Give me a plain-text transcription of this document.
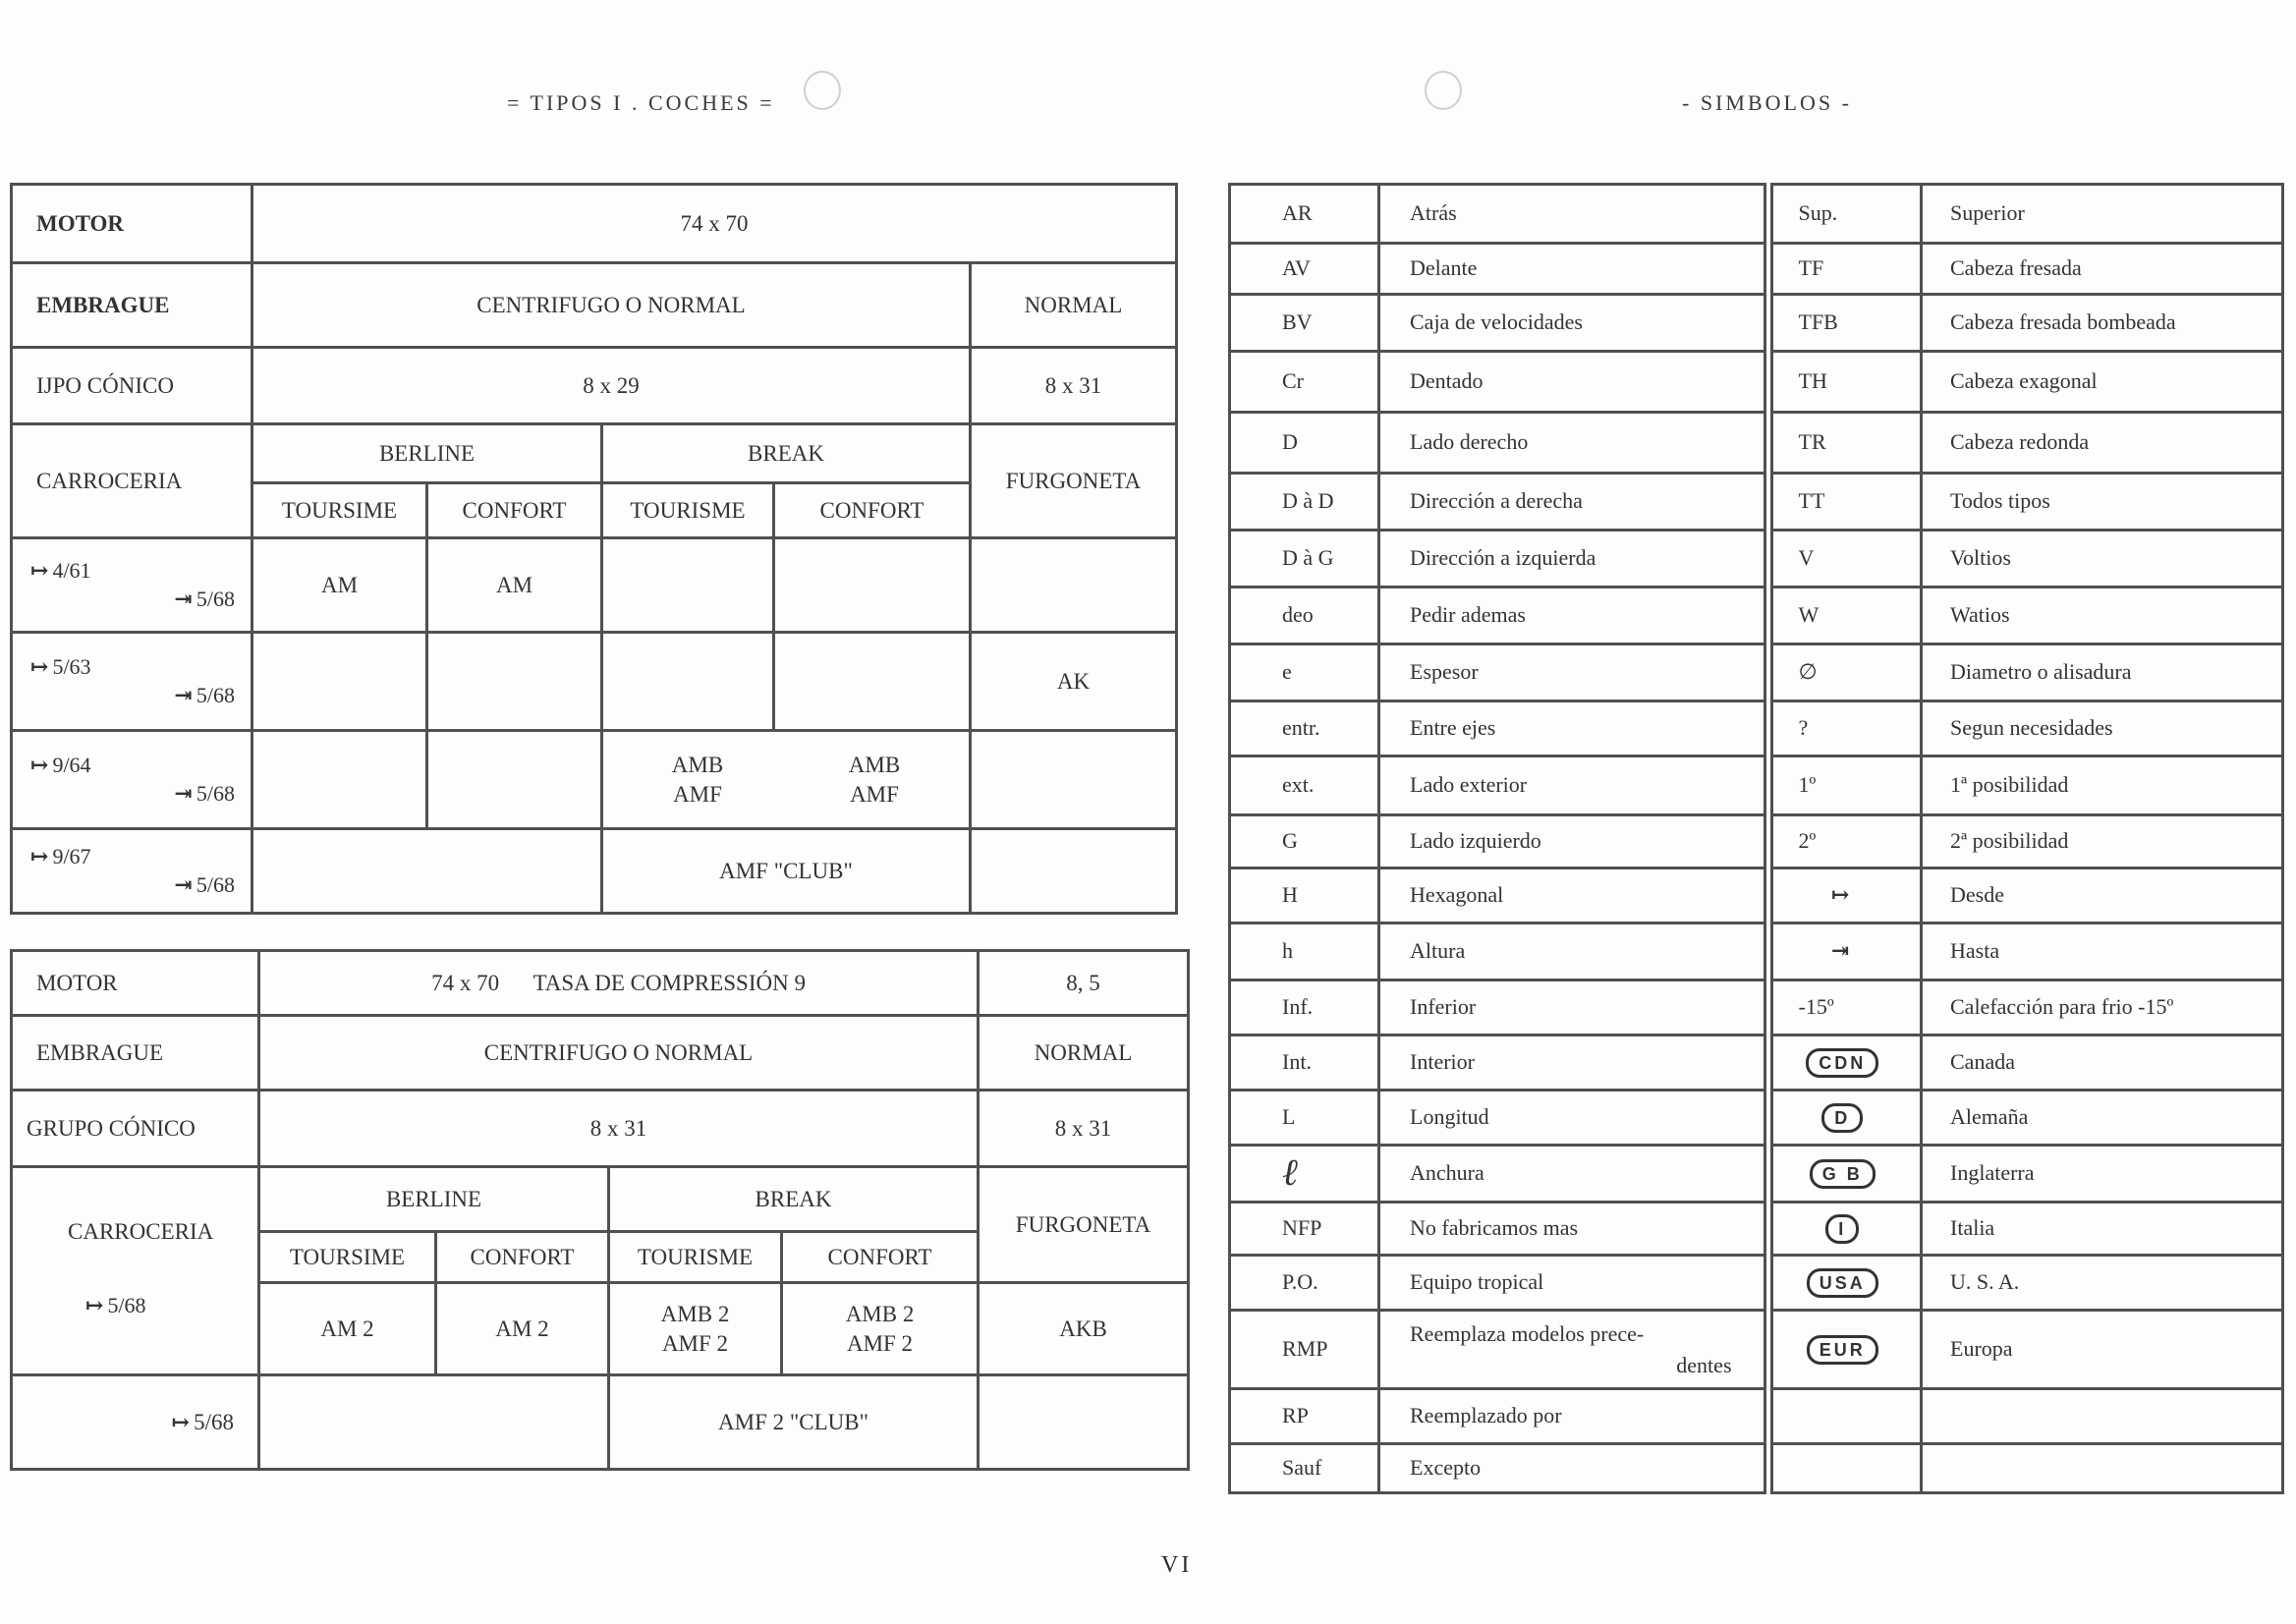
= TIPOS I . COCHES =	- SIMBOLOS -
MOTOR	74 x 70				
EMBRAGUE	CENTRIFUGO O NORMAL				NORMAL
IJPO CÓNICO	8 x 29				8 x 31
CARROCERIA	BERLINE		BREAK		FURGONETA
	TOURSIME	CONFORT	TOURISME	CONFORT	

↦ 4/61
⇥ 5/68	AM	AM			

↦ 5/63
⇥ 5/68					AK

↦ 9/64
⇥ 5/68			AMB
AMF
AMB
AMF		

↦ 9/67
⇥ 5/68			AMF "CLUB"		
MOTOR	74 x 70 TASA DE COMPRESSIÓN 9				8, 5
EMBRAGUE	CENTRIFUGO O NORMAL				NORMAL
GRUPO CÓNICO	8 x 31				8 x 31
CARROCERIA
↦ 5/68	BERLINE		BREAK		FURGONETA
	TOURSIME	CONFORT	TOURISME	CONFORT	
	AM 2	AM 2	AMB 2
AMF 2	AMB 2
AMF 2	AKB
↦ 5/68			AMF 2 "CLUB"		
AR	Atrás	Sup.	Superior
AV	Delante	TF	Cabeza fresada
BV	Caja de velocidades	TFB	Cabeza fresada bombeada
Cr	Dentado	TH	Cabeza exagonal
D	Lado derecho	TR	Cabeza redonda
D à D	Dirección a derecha	TT	Todos tipos
D à G	Dirección a izquierda	V	Voltios
deo	Pedir ademas	W	Watios
e	Espesor	∅	Diametro o alisadura
entr.	Entre ejes	?	Segun necesidades
ext.	Lado exterior	1º	1ª posibilidad
G	Lado izquierdo	2º	2ª posibilidad
H	Hexagonal	↦	Desde
h	Altura	⇥	Hasta
Inf.	Inferior	-15º	Calefacción para frio -15º
Int.	Interior	CDN	Canada
L	Longitud	D	Alemaña
ℓ	Anchura	G B	Inglaterra
NFP	No fabricamos mas	I	Italia
P.O.	Equipo tropical	USA	U. S. A.
RMP	Reemplaza modelos prece-
dentes	EUR	Europa
RP	Reemplazado por		
Sauf	Excepto		
VI
